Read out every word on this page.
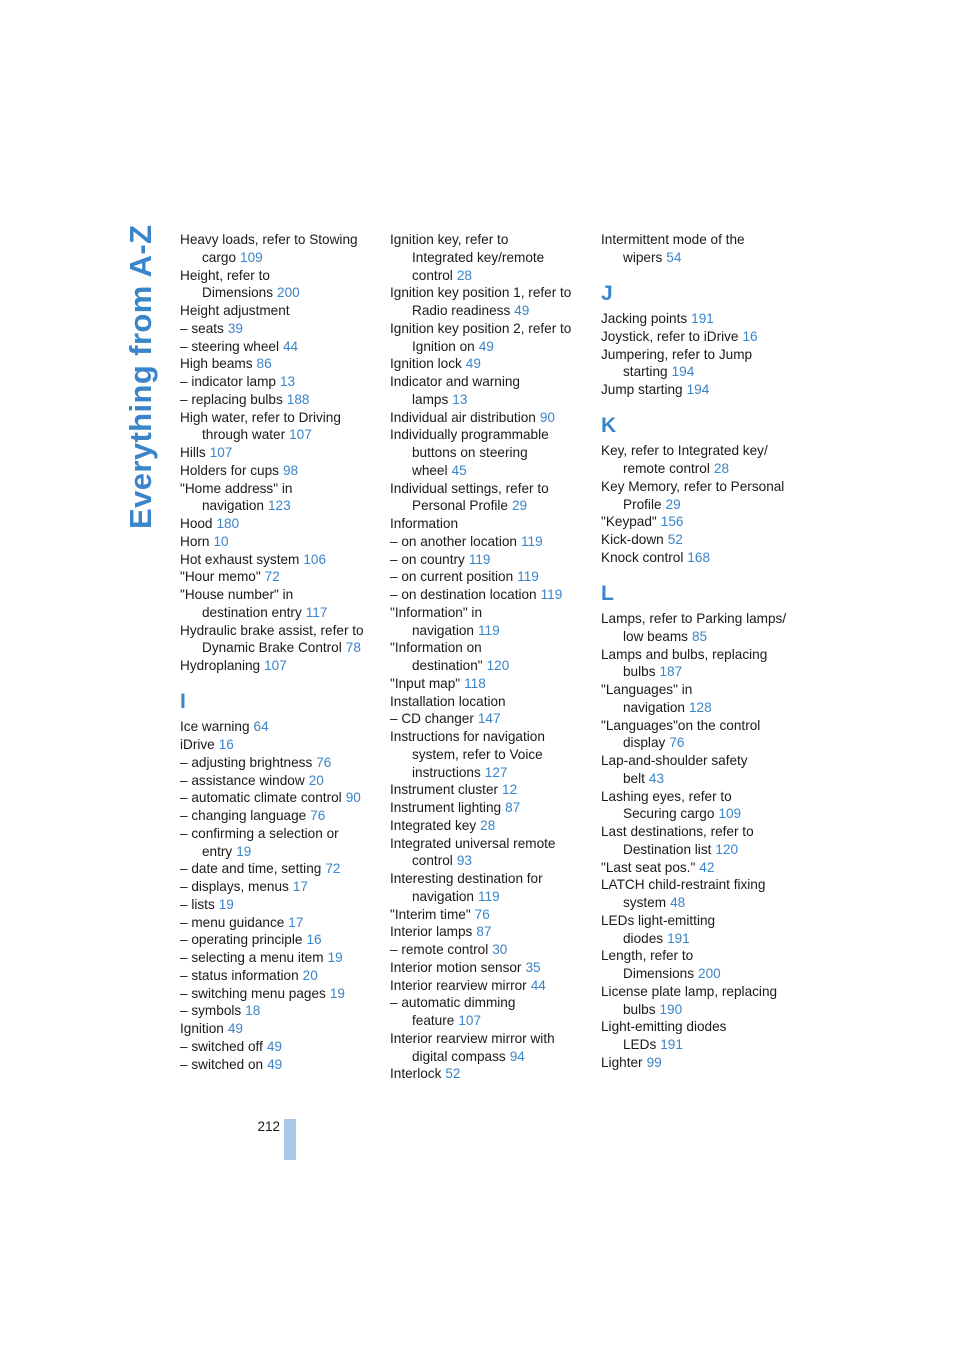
Everything from A-Z Heavy loads, refer to Stowing
cargo 109
Height, refer to
Dimensions 200
Height adjustment
– seats 39
– steering wheel 44
High beams 86
– indicator lamp 13
– replacing bulbs 188
High water, refer to Driving
through water 107
Hills 107
Holders for cups 98
"Home address" in
navigation 123
Hood 180
Horn 10
Hot exhaust system 106
"Hour memo" 72
"House number" in
destination entry 117
Hydraulic brake assist, refer to
Dynamic Brake Control 78
Hydroplaning 107
I
Ice warning 64
iDrive 16
– adjusting brightness 76
– assistance window 20
– automatic climate control 90
– changing language 76
– confirming a selection or
entry 19
– date and time, setting 72
– displays, menus 17
– lists 19
– menu guidance 17
– operating principle 16
– selecting a menu item 19
– status information 20
– switching menu pages 19
– symbols 18
Ignition 49
– switched off 49
– switched on 49
Ignition key, refer to
Integrated key/remote
control 28
Ignition key position 1, refer to
Radio readiness 49
Ignition key position 2, refer to
Ignition on 49
Ignition lock 49
Indicator and warning
lamps 13
Individual air distribution 90
Individually programmable
buttons on steering
wheel 45
Individual settings, refer to
Personal Profile 29
Information
– on another location 119
– on country 119
– on current position 119
– on destination location 119
"Information" in
navigation 119
"Information on
destination" 120
"Input map" 118
Installation location
– CD changer 147
Instructions for navigation
system, refer to Voice
instructions 127
Instrument cluster 12
Instrument lighting 87
Integrated key 28
Integrated universal remote
control 93
Interesting destination for
navigation 119
"Interim time" 76
Interior lamps 87
– remote control 30
Interior motion sensor 35
Interior rearview mirror 44
– automatic dimming
feature 107
Interior rearview mirror with
digital compass 94
Interlock 52
Intermittent mode of the
wipers 54
J
Jacking points 191
Joystick, refer to iDrive 16
Jumpering, refer to Jump
starting 194
Jump starting 194
K
Key, refer to Integrated key/
remote control 28
Key Memory, refer to Personal
Profile 29
"Keypad" 156
Kick-down 52
Knock control 168
L
Lamps, refer to Parking lamps/
low beams 85
Lamps and bulbs, replacing
bulbs 187
"Languages" in
navigation 128
"Languages"on the control
display 76
Lap-and-shoulder safety
belt 43
Lashing eyes, refer to
Securing cargo 109
Last destinations, refer to
Destination list 120
"Last seat pos." 42
LATCH child-restraint fixing
system 48
LEDs light-emitting
diodes 191
Length, refer to
Dimensions 200
License plate lamp, replacing
bulbs 190
Light-emitting diodes
LEDs 191
Lighter 99
212
